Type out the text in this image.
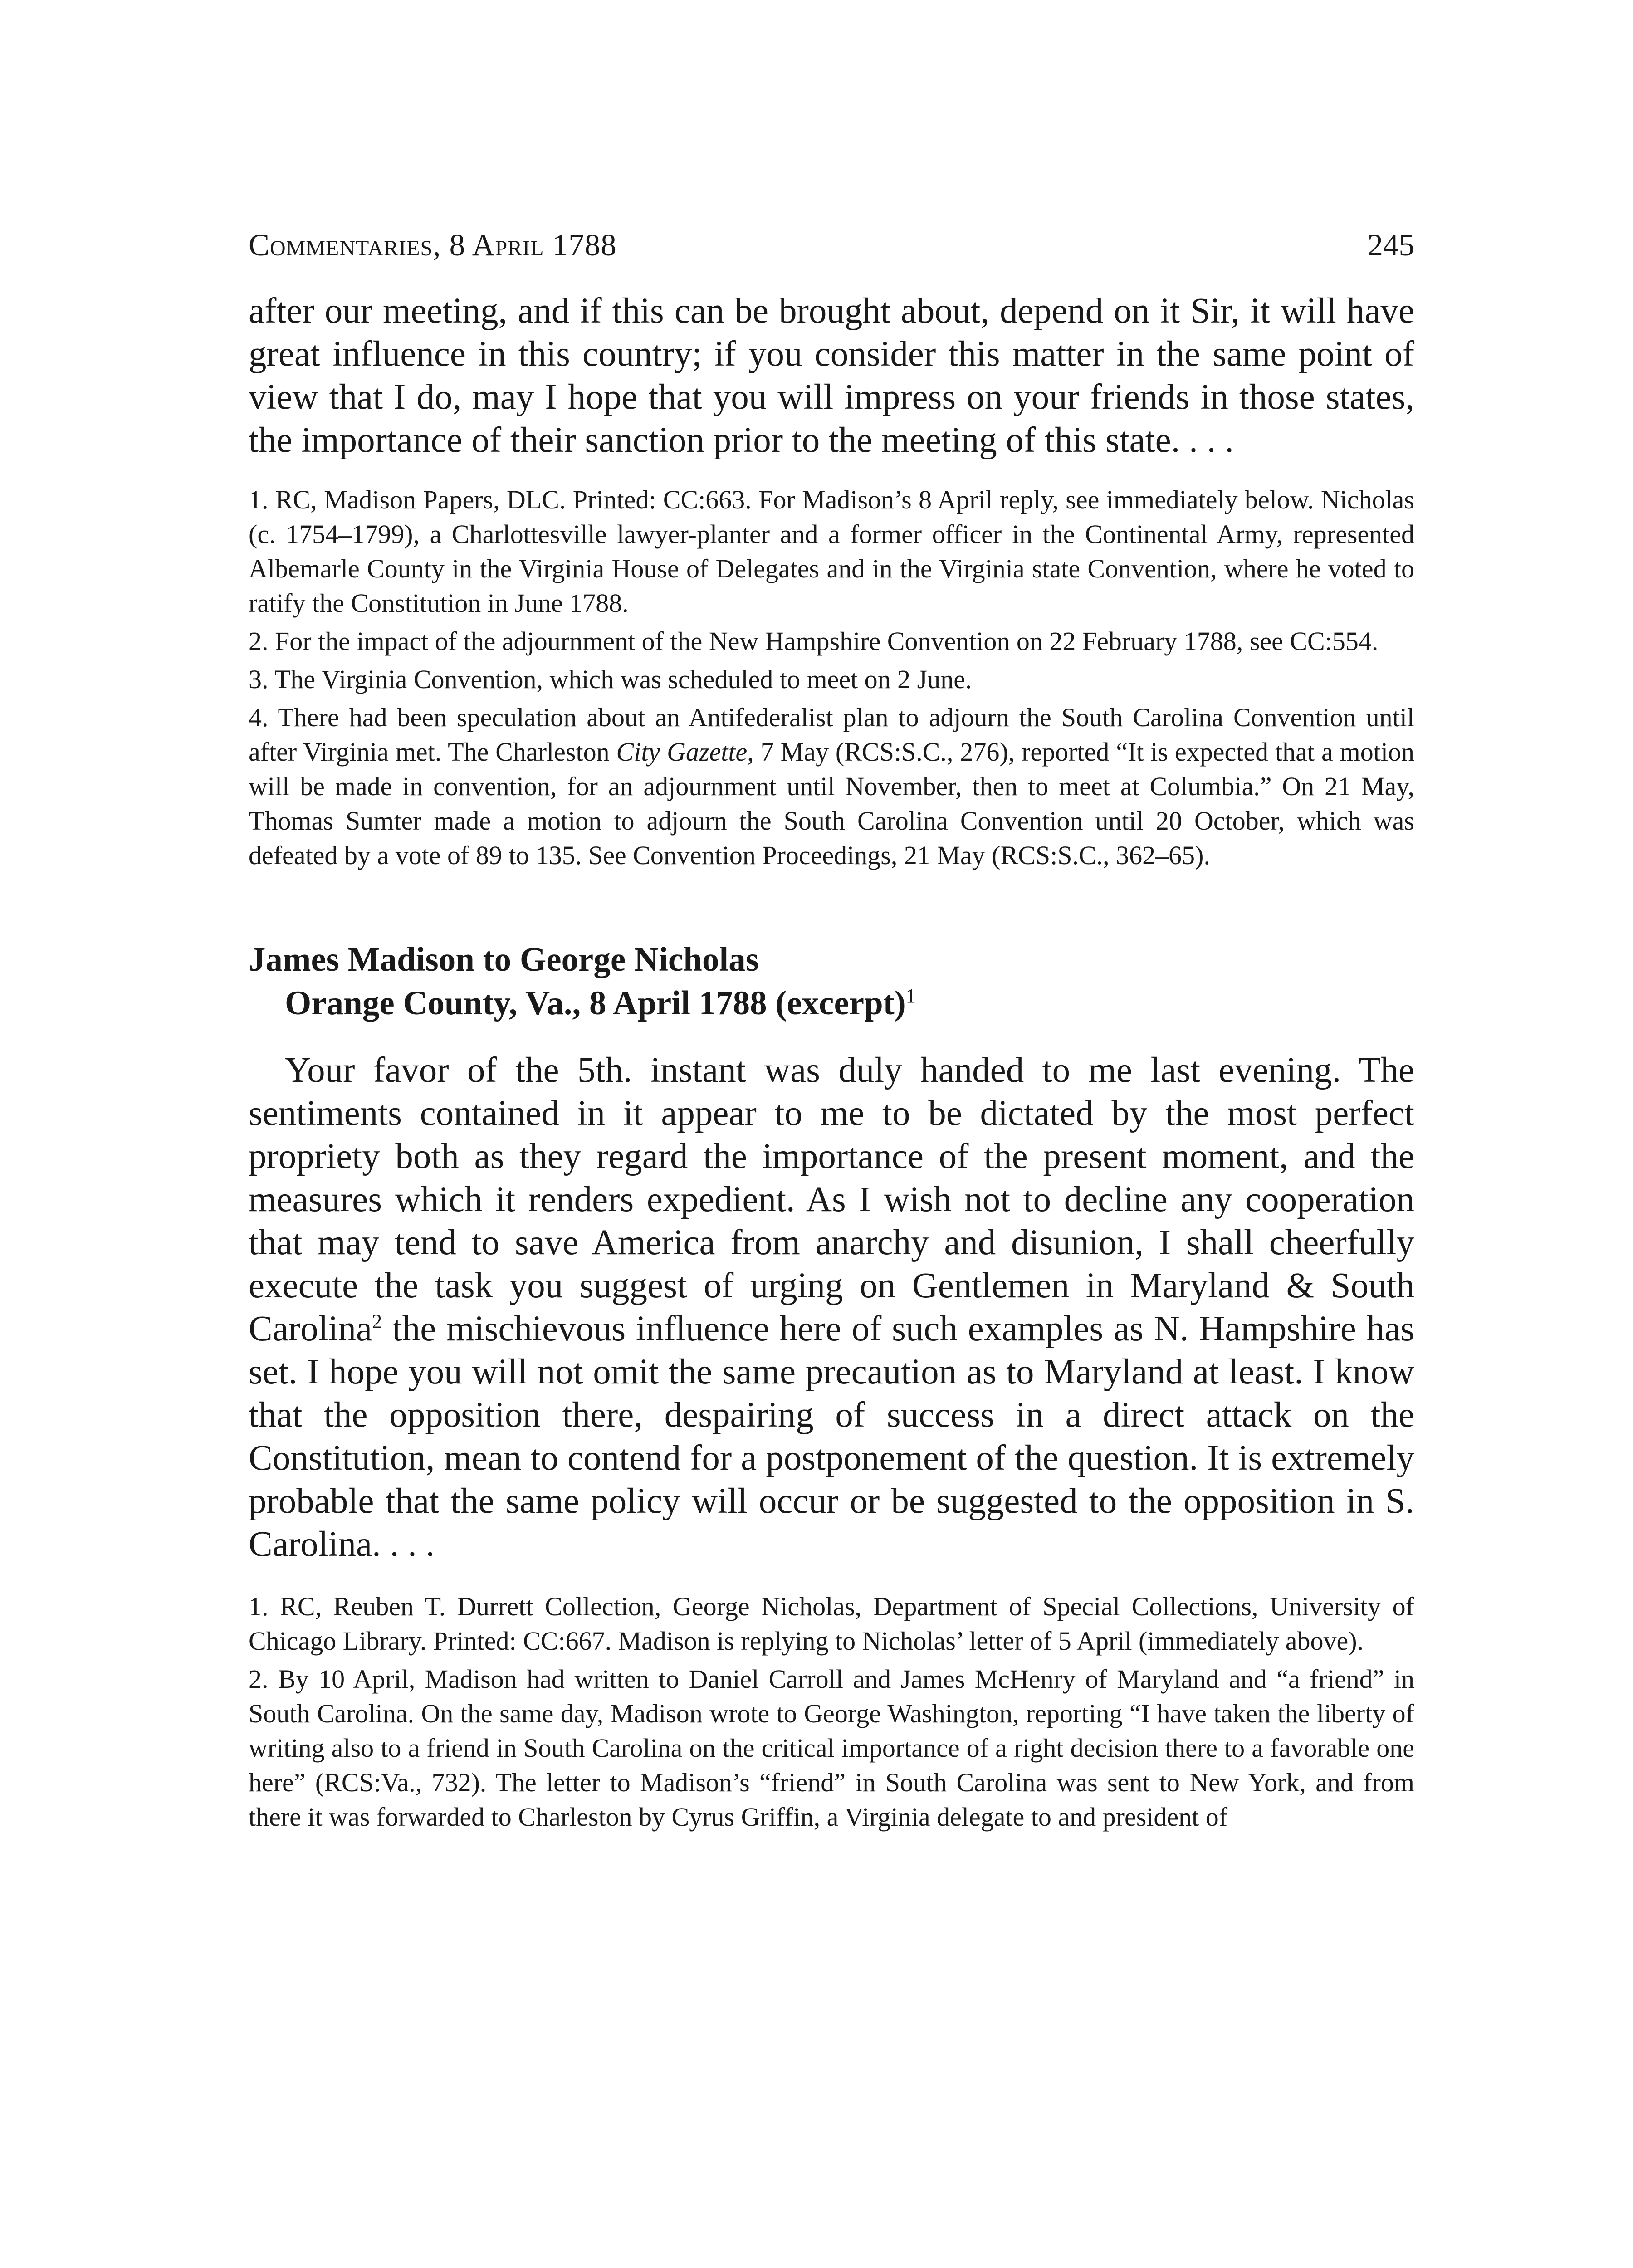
Commentaries, 8 April 1788	245

after our meeting, and if this can be brought about, depend on it Sir, it will have great influence in this country; if you consider this matter in the same point of view that I do, may I hope that you will impress on your friends in those states, the importance of their sanction prior to the meeting of this state. . . .

1. RC, Madison Papers, DLC. Printed: CC:663. For Madison’s 8 April reply, see immediately below. Nicholas (c. 1754–1799), a Charlottesville lawyer-planter and a former officer in the Continental Army, represented Albemarle County in the Virginia House of Delegates and in the Virginia state Convention, where he voted to ratify the Constitution in June 1788.

2. For the impact of the adjournment of the New Hampshire Convention on 22 February 1788, see CC:554.

3. The Virginia Convention, which was scheduled to meet on 2 June.

4. There had been speculation about an Antifederalist plan to adjourn the South Carolina Convention until after Virginia met. The Charleston City Gazette, 7 May (RCS:S.C., 276), reported “It is expected that a motion will be made in convention, for an adjournment until November, then to meet at Columbia.” On 21 May, Thomas Sumter made a motion to adjourn the South Carolina Convention until 20 October, which was defeated by a vote of 89 to 135. See Convention Proceedings, 21 May (RCS:S.C., 362–65).

James Madison to George Nicholas
Orange County, Va., 8 April 1788 (excerpt)$^1$

Your favor of the 5th. instant was duly handed to me last evening. The sentiments contained in it appear to me to be dictated by the most perfect propriety both as they regard the importance of the present moment, and the measures which it renders expedient. As I wish not to decline any cooperation that may tend to save America from anarchy and disunion, I shall cheerfully execute the task you suggest of urging on Gentlemen in Maryland & South Carolina$^2$ the mischievous influence here of such examples as N. Hampshire has set. I hope you will not omit the same precaution as to Maryland at least. I know that the opposition there, despairing of success in a direct attack on the Constitution, mean to contend for a postponement of the question. It is extremely probable that the same policy will occur or be suggested to the opposition in S. Carolina. . . .

1. RC, Reuben T. Durrett Collection, George Nicholas, Department of Special Collections, University of Chicago Library. Printed: CC:667. Madison is replying to Nicholas’ letter of 5 April (immediately above).

2. By 10 April, Madison had written to Daniel Carroll and James McHenry of Maryland and “a friend” in South Carolina. On the same day, Madison wrote to George Washington, reporting “I have taken the liberty of writing also to a friend in South Carolina on the critical importance of a right decision there to a favorable one here” (RCS:Va., 732). The letter to Madison’s “friend” in South Carolina was sent to New York, and from there it was forwarded to Charleston by Cyrus Griffin, a Virginia delegate to and president of
